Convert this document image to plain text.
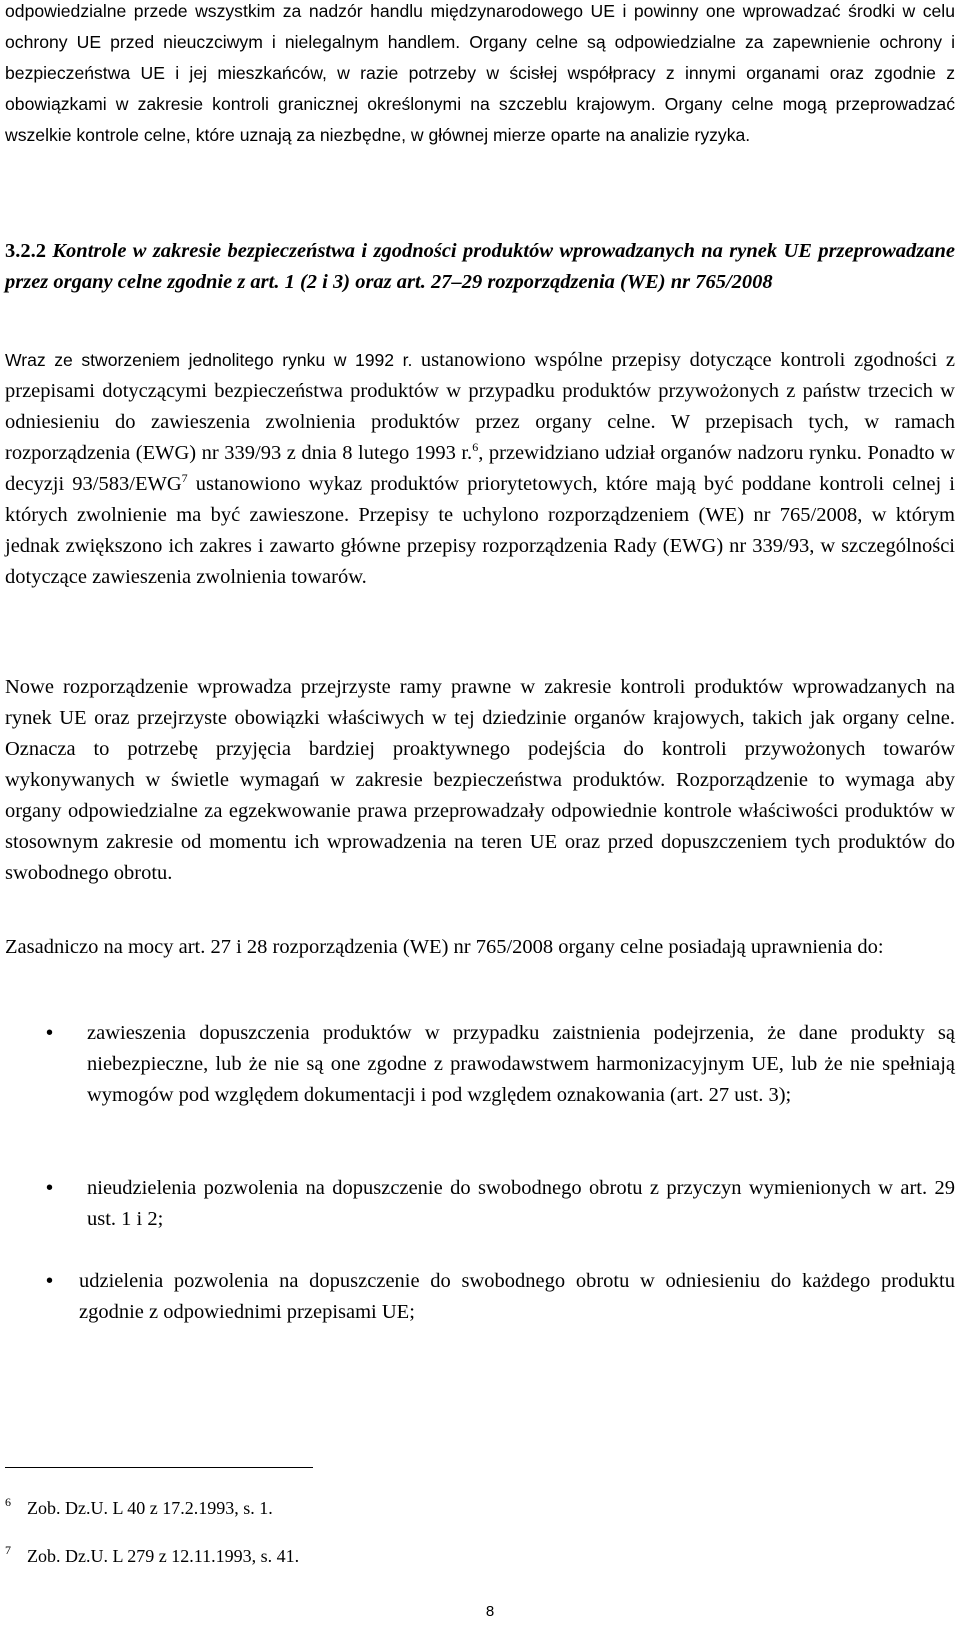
odpowiedzialne przede wszystkim za nadzór handlu międzynarodowego UE i powinny one wprowadzać środki w celu ochrony UE przed nieuczciwym i nielegalnym handlem. Organy celne są odpowiedzialne za zapewnienie ochrony i bezpieczeństwa UE i jej mieszkańców, w razie potrzeby w ścisłej współpracy z innymi organami oraz zgodnie z obowiązkami w zakresie kontroli granicznej określonymi na szczeblu krajowym. Organy celne mogą przeprowadzać wszelkie kontrole celne, które uznają za niezbędne, w głównej mierze oparte na analizie ryzyka.

3.2.2 Kontrole w zakresie bezpieczeństwa i zgodności produktów wprowadzanych na rynek UE przeprowadzane przez organy celne zgodnie z art. 1 (2 i 3) oraz art. 27–29 rozporządzenia (WE) nr 765/2008

Wraz ze stworzeniem jednolitego rynku w 1992 r. ustanowiono wspólne przepisy dotyczące kontroli zgodności z przepisami dotyczącymi bezpieczeństwa produktów w przypadku produktów przywożonych z państw trzecich w odniesieniu do zawieszenia zwolnienia produktów przez organy celne. W przepisach tych, w ramach rozporządzenia (EWG) nr 339/93 z dnia 8 lutego 1993 r.$^6$, przewidziano udział organów nadzoru rynku. Ponadto w decyzji 93/583/EWG$^7$ ustanowiono wykaz produktów priorytetowych, które mają być poddane kontroli celnej i których zwolnienie ma być zawieszone. Przepisy te uchylono rozporządzeniem (WE) nr 765/2008, w którym jednak zwiększono ich zakres i zawarto główne przepisy rozporządzenia Rady (EWG) nr 339/93, w szczególności dotyczące zawieszenia zwolnienia towarów.

Nowe rozporządzenie wprowadza przejrzyste ramy prawne w zakresie kontroli produktów wprowadzanych na rynek UE oraz przejrzyste obowiązki właściwych w tej dziedzinie organów krajowych, takich jak organy celne. Oznacza to potrzebę przyjęcia bardziej proaktywnego podejścia do kontroli przywożonych towarów wykonywanych w świetle wymagań w zakresie bezpieczeństwa produktów. Rozporządzenie to wymaga aby organy odpowiedzialne za egzekwowanie prawa przeprowadzały odpowiednie kontrole właściwości produktów w stosownym zakresie od momentu ich wprowadzenia na teren UE oraz przed dopuszczeniem tych produktów do swobodnego obrotu.

Zasadniczo na mocy art. 27 i 28 rozporządzenia (WE) nr 765/2008 organy celne posiadają uprawnienia do:

•	zawieszenia dopuszczenia produktów w przypadku zaistnienia podejrzenia, że dane produkty są niebezpieczne, lub że nie są one zgodne z prawodawstwem harmonizacyjnym UE, lub że nie spełniają wymogów pod względem dokumentacji i pod względem oznakowania (art. 27 ust. 3);

•	nieudzielenia pozwolenia na dopuszczenie do swobodnego obrotu z przyczyn wymienionych w art. 29 ust. 1 i 2;

•	udzielenia pozwolenia na dopuszczenie do swobodnego obrotu w odniesieniu do każdego produktu zgodnie z odpowiednimi przepisami UE;

$^6$ Zob. Dz.U. L 40 z 17.2.1993, s. 1.
$^7$ Zob. Dz.U. L 279 z 12.11.1993, s. 41.
8
